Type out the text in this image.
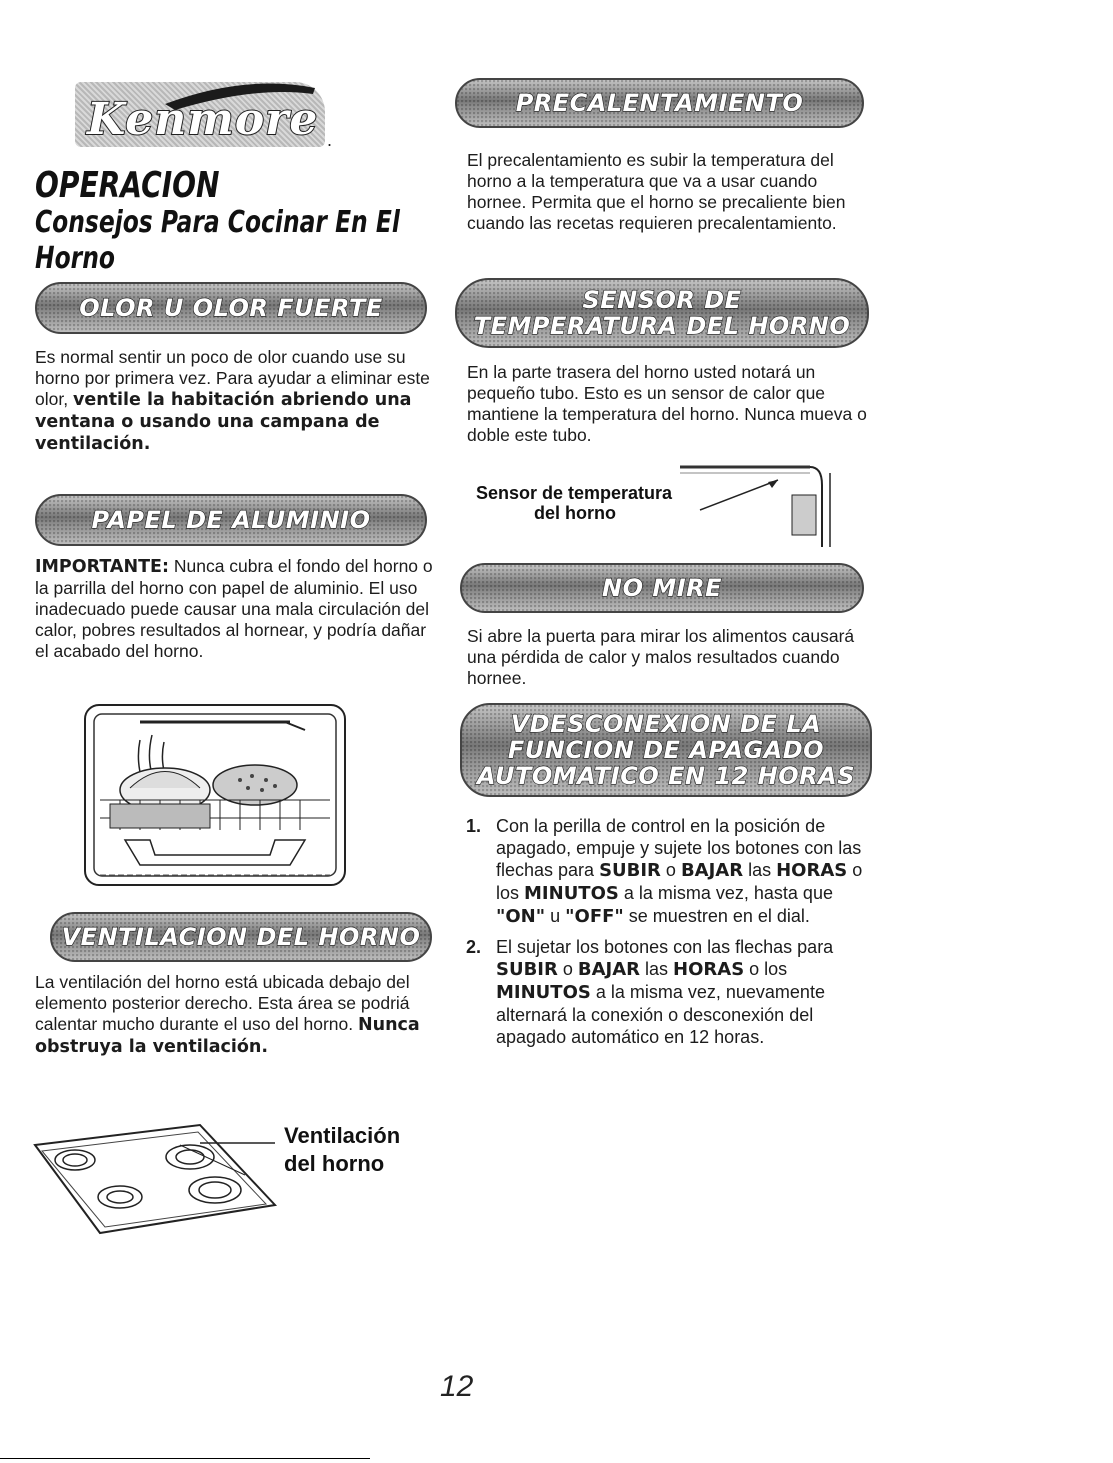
Kenmore .
OPERACION
Consejos Para Cocinar En El Horno
OLOR U OLOR FUERTE
Es normal sentir un poco de olor cuando use su horno por primera vez. Para ayudar a eliminar este olor, ventile la habitación abriendo una ventana o usando una campana de ventilación.
PAPEL DE ALUMINIO
IMPORTANTE: Nunca cubra el fondo del horno o la parrilla del horno con papel de aluminio. El uso inadecuado puede causar una mala circulación del calor, pobres resultados al hornear, y podría dañar el acabado del horno.
VENTILACION DEL HORNO
La ventilación del horno está ubicada debajo del elemento posterior derecho. Esta área se podriá calentar mucho durante el uso del horno. Nunca obstruya la ventilación.
Ventilación
del horno
PRECALENTAMIENTO
El precalentamiento es subir la temperatura del horno a la temperatura que va a usar cuando hornee. Permita que el horno se precaliente bien cuando las recetas requieren precalentamiento.
SENSOR DE
TEMPERATURA DEL HORNO
En la parte trasera del horno usted notará un pequeño tubo. Esto es un sensor de calor que mantiene la temperatura del horno. Nunca mueva o doble este tubo.
Sensor de temperatura
del horno
NO MIRE
Si abre la puerta para mirar los alimentos causará una pérdida de calor y malos resultados cuando hornee.
VDESCONEXION DE LA
FUNCION DE APAGADO
AUTOMATICO EN 12 HORAS
1. Con la perilla de control en la posición de apagado, empuje y sujete los botones con las flechas para SUBIR o BAJAR las HORAS o los MINUTOS a la misma vez, hasta que "ON" u "OFF" se muestren en el dial.
2. El sujetar los botones con las flechas para SUBIR o BAJAR las HORAS o los MINUTOS a la misma vez, nuevamente alternará la conexión o desconexión del apagado automático en 12 horas.
12
